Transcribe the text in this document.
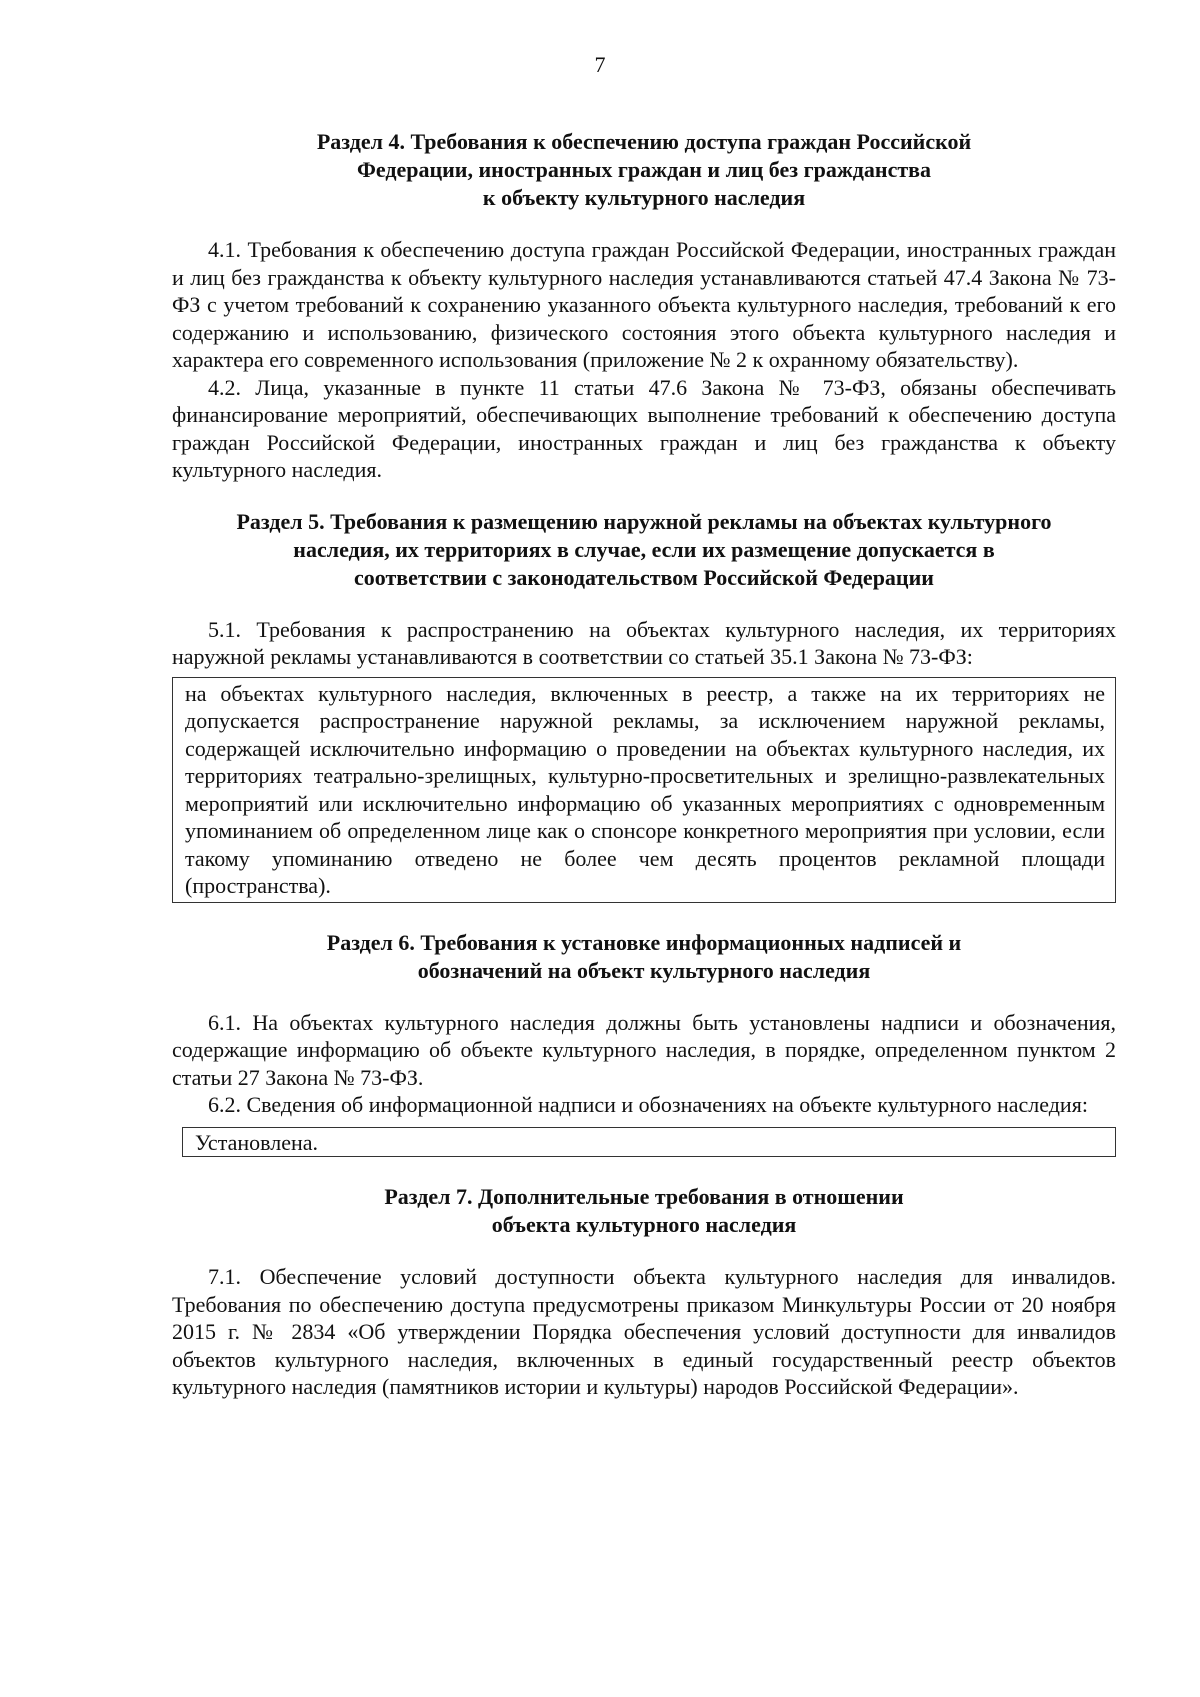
7
Раздел 4. Требования к обеспечению доступа граждан Российской
Федерации, иностранных граждан и лиц без гражданства
к объекту культурного наследия

4.1. Требования к обеспечению доступа граждан Российской Федерации, иностранных граждан и лиц без гражданства к объекту культурного наследия устанавливаются статьей 47.4 Закона № 73-ФЗ с учетом требований к сохранению указанного объекта культурного наследия, требований к его содержанию и использованию, физического состояния этого объекта культурного наследия и характера его современного использования (приложение № 2 к охранному обязательству).

4.2. Лица, указанные в пункте 11 статьи 47.6 Закона № 73-ФЗ, обязаны обеспечивать финансирование мероприятий, обеспечивающих выполнение требований к обеспечению доступа граждан Российской Федерации, иностранных граждан и лиц без гражданства к объекту культурного наследия.

Раздел 5. Требования к размещению наружной рекламы на объектах культурного
наследия, их территориях в случае, если их размещение допускается в
соответствии с законодательством Российской Федерации

5.1. Требования к распространению на объектах культурного наследия, их территориях наружной рекламы устанавливаются в соответствии со статьей 35.1 Закона № 73-ФЗ:

на объектах культурного наследия, включенных в реестр, а также на их территориях не допускается распространение наружной рекламы, за исключением наружной рекламы, содержащей исключительно информацию о проведении на объектах культурного наследия, их территориях театрально-зрелищных, культурно-просветительных и зрелищно-развлекательных мероприятий или исключительно информацию об указанных мероприятиях с одновременным упоминанием об определенном лице как о спонсоре конкретного мероприятия при условии, если такому упоминанию отведено не более чем десять процентов рекламной площади (пространства).
Раздел 6. Требования к установке информационных надписей и
обозначений на объект культурного наследия

6.1. На объектах культурного наследия должны быть установлены надписи и обозначения, содержащие информацию об объекте культурного наследия, в порядке, определенном пунктом 2 статьи 27 Закона № 73-ФЗ.

6.2. Сведения об информационной надписи и обозначениях на объекте культурного наследия:

Установлена.
Раздел 7. Дополнительные требования в отношении
объекта культурного наследия

7.1. Обеспечение условий доступности объекта культурного наследия для инвалидов. Требования по обеспечению доступа предусмотрены приказом Минкультуры России от 20 ноября 2015 г. № 2834 «Об утверждении Порядка обеспечения условий доступности для инвалидов объектов культурного наследия, включенных в единый государственный реестр объектов культурного наследия (памятников истории и культуры) народов Российской Федерации».
